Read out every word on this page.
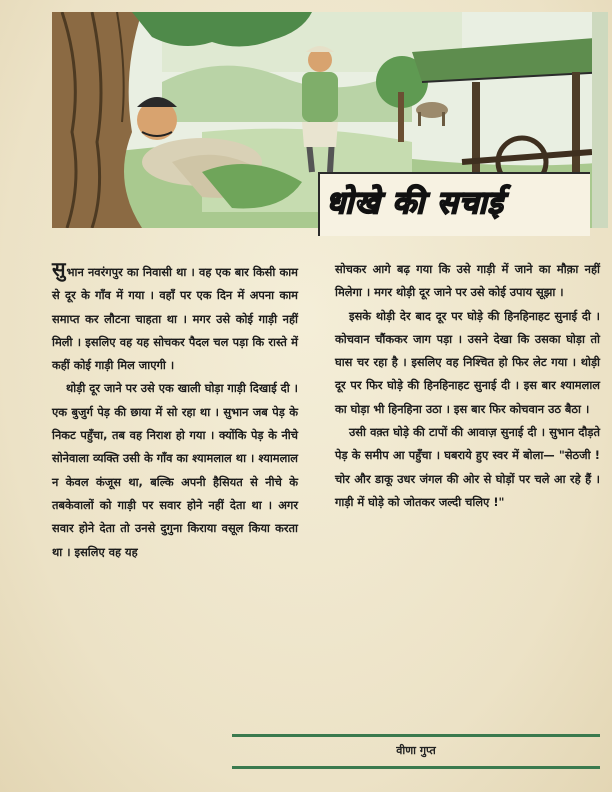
धोखे की सचाई

सुभान नवरंगपुर का निवासी था । वह एक बार किसी काम से दूर के गाँव में गया । वहाँ पर एक दिन में अपना काम समाप्त कर लौटना चाहता था । मगर उसे कोई गाड़ी नहीं मिली । इसलिए वह यह सोचकर पैदल चल पड़ा कि रास्ते में कहीं कोई गाड़ी मिल जाएगी ।

थोड़ी दूर जाने पर उसे एक खाली घोड़ा गाड़ी दिखाई दी । एक बुजुर्ग पेड़ की छाया में सो रहा था । सुभान जब पेड़ के निकट पहुँचा, तब वह निराश हो गया । क्योंकि पेड़ के नीचे सोनेवाला व्यक्ति उसी के गाँव का श्यामलाल था । श्यामलाल न केवल कंजूस था, बल्कि अपनी हैसियत से नीचे के तबकेवालों को गाड़ी पर सवार होने नहीं देता था । अगर सवार होने देता तो उनसे दुगुना किराया वसूल किया करता था । इसलिए वह यह

सोचकर आगे बढ़ गया कि उसे गाड़ी में जाने का मौक़ा नहीं मिलेगा । मगर थोड़ी दूर जाने पर उसे कोई उपाय सूझा ।

इसके थोड़ी देर बाद दूर पर घोड़े की हिनहिनाहट सुनाई दी । कोचवान चौंककर जाग पड़ा । उसने देखा कि उसका घोड़ा तो घास चर रहा है । इसलिए वह निश्चित हो फिर लेट गया । थोड़ी दूर पर फिर घोड़े की हिनहिनाहट सुनाई दी । इस बार श्यामलाल का घोड़ा भी हिनहिना उठा । इस बार फिर कोचवान उठ बैठा ।

उसी वक़्त घोड़े की टापों की आवाज़ सुनाई दी । सुभान दौड़ते पेड़ के समीप आ पहुँचा । घबराये हुए स्वर में बोला— "सेठजी ! चोर और डाकू उधर जंगल की ओर से घोड़ों पर चले आ रहे हैं । गाड़ी में घोड़े को जोतकर जल्दी चलिए !"

वीणा गुप्त
